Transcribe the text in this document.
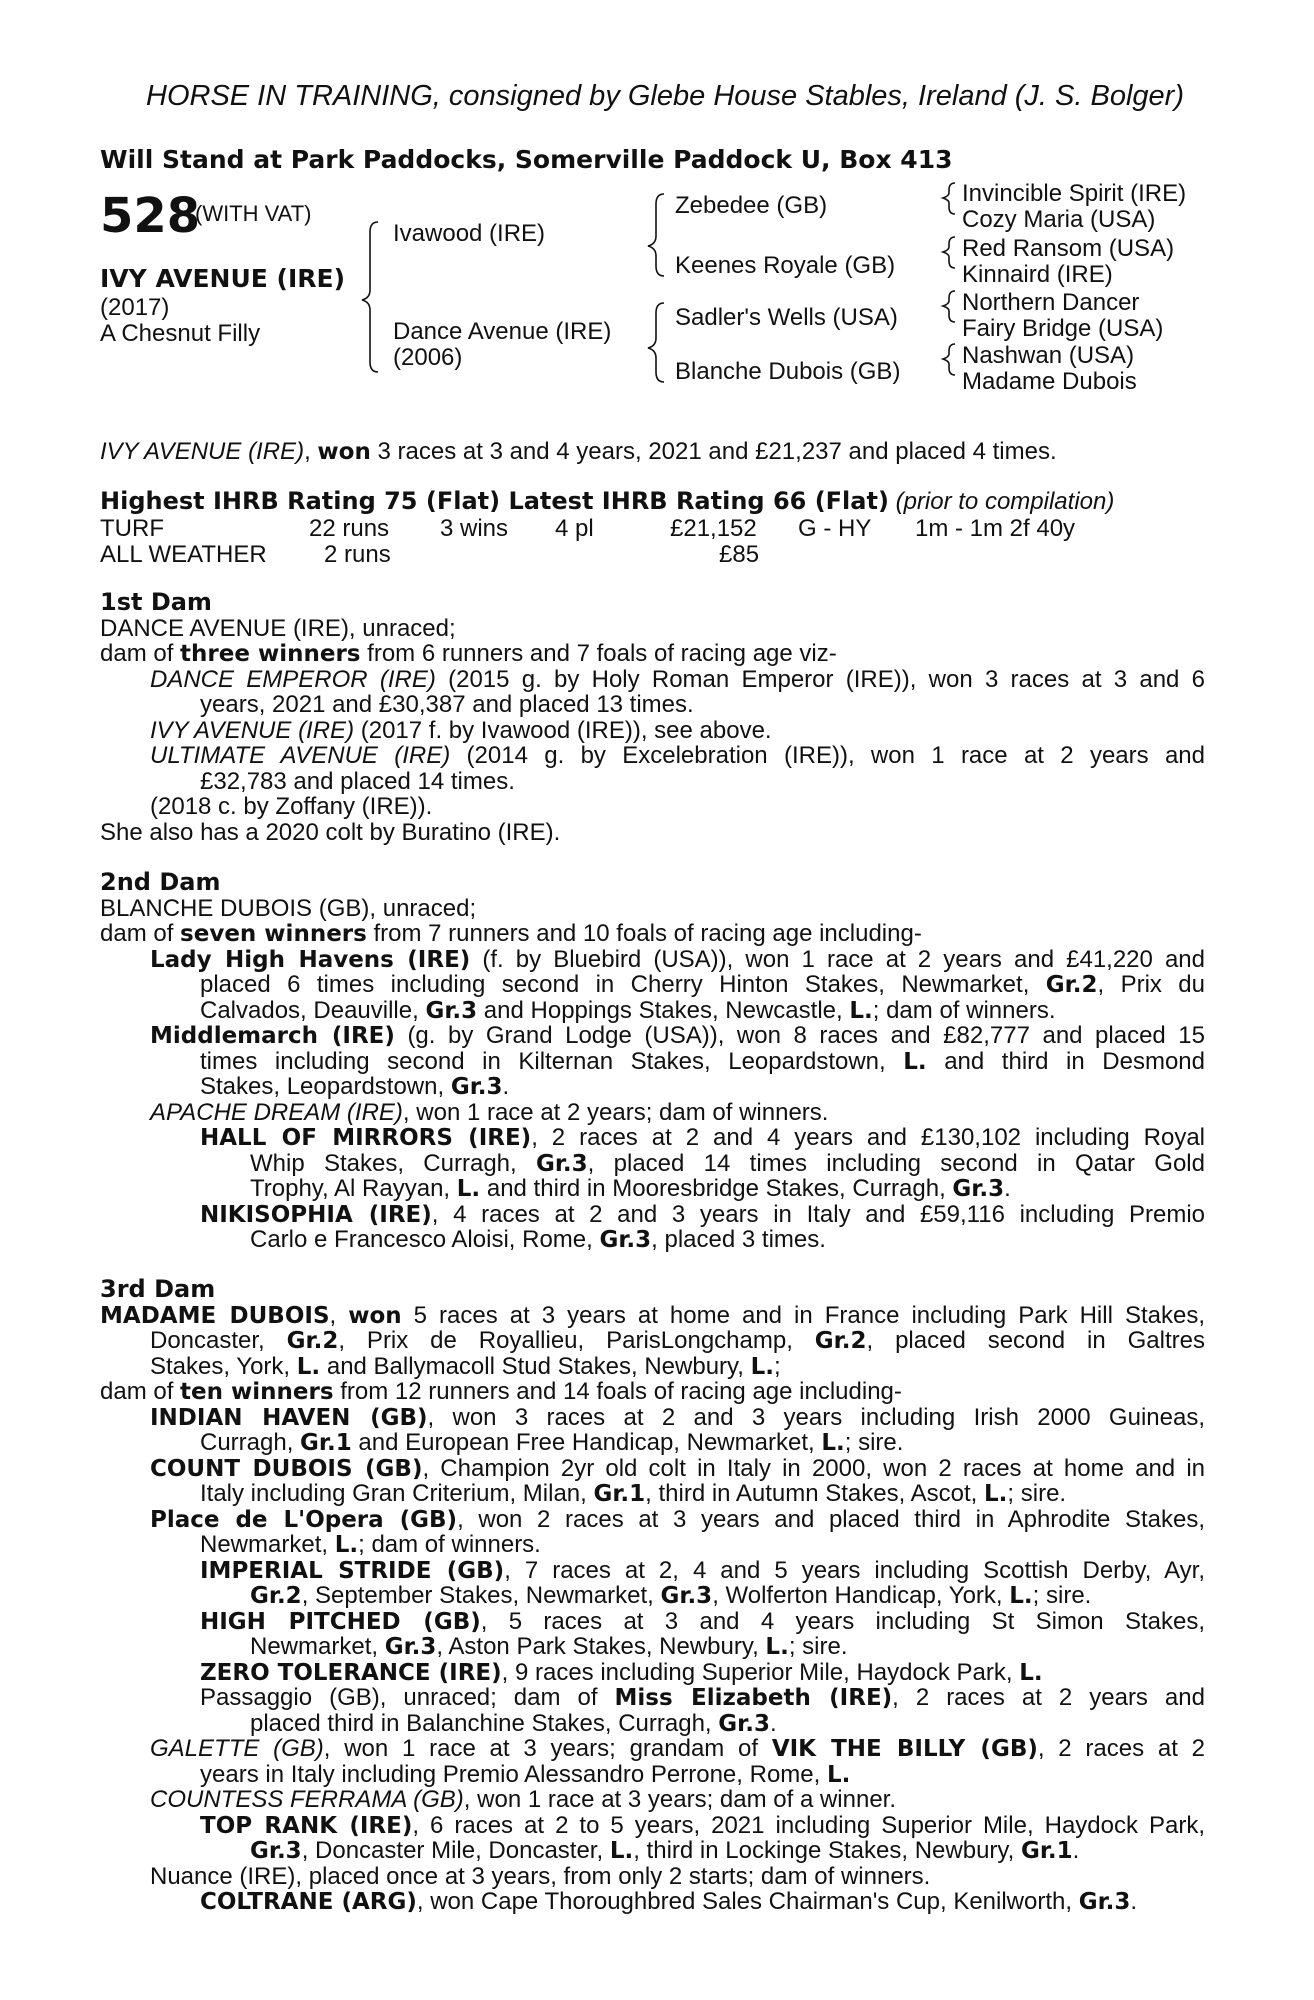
HORSE IN TRAINING, consigned by Glebe House Stables, Ireland (J. S. Bolger)
Will Stand at Park Paddocks, Somerville Paddock U, Box 413
528
(WITH VAT)
IVY AVENUE (IRE)
(2017)
A Chesnut Filly
Ivawood (IRE)
Dance Avenue (IRE)
(2006)
Zebedee (GB)
Keenes Royale (GB)
Sadler's Wells (USA)
Blanche Dubois (GB)
Invincible Spirit (IRE)
Cozy Maria (USA)
Red Ransom (USA)
Kinnaird (IRE)
Northern Dancer
Fairy Bridge (USA)
Nashwan (USA)
Madame Dubois
IVY AVENUE (IRE), won 3 races at 3 and 4 years, 2021 and £21,237 and placed 4 times.
Highest IHRB Rating 75 (Flat) Latest IHRB Rating 66 (Flat) (prior to compilation)
TURF	22 runs 3 wins 4 pl	£21,152 G - HY 1m - 1m 2f 40y
ALL WEATHER 2 runs	£85
1st Dam
DANCE AVENUE (IRE), unraced;
dam of three winners from 6 runners and 7 foals of racing age viz-
DANCE EMPEROR (IRE) (2015 g. by Holy Roman Emperor (IRE)), won 3 races at 3 and 6
years, 2021 and £30,387 and placed 13 times.
IVY AVENUE (IRE) (2017 f. by Ivawood (IRE)), see above.
ULTIMATE AVENUE (IRE) (2014 g. by Excelebration (IRE)), won 1 race at 2 years and
£32,783 and placed 14 times.
(2018 c. by Zoffany (IRE)).
She also has a 2020 colt by Buratino (IRE).
2nd Dam
BLANCHE DUBOIS (GB), unraced;
dam of seven winners from 7 runners and 10 foals of racing age including-
Lady High Havens (IRE) (f. by Bluebird (USA)), won 1 race at 2 years and £41,220 and
placed 6 times including second in Cherry Hinton Stakes, Newmarket, Gr.2, Prix du
Calvados, Deauville, Gr.3 and Hoppings Stakes, Newcastle, L.; dam of winners.
Middlemarch (IRE) (g. by Grand Lodge (USA)), won 8 races and £82,777 and placed 15
times including second in Kilternan Stakes, Leopardstown, L. and third in Desmond
Stakes, Leopardstown, Gr.3.
APACHE DREAM (IRE), won 1 race at 2 years; dam of winners.
HALL OF MIRRORS (IRE), 2 races at 2 and 4 years and £130,102 including Royal
Whip Stakes, Curragh, Gr.3, placed 14 times including second in Qatar Gold
Trophy, Al Rayyan, L. and third in Mooresbridge Stakes, Curragh, Gr.3.
NIKISOPHIA (IRE), 4 races at 2 and 3 years in Italy and £59,116 including Premio
Carlo e Francesco Aloisi, Rome, Gr.3, placed 3 times.
3rd Dam
MADAME DUBOIS, won 5 races at 3 years at home and in France including Park Hill Stakes,
Doncaster, Gr.2, Prix de Royallieu, ParisLongchamp, Gr.2, placed second in Galtres
Stakes, York, L. and Ballymacoll Stud Stakes, Newbury, L.;
dam of ten winners from 12 runners and 14 foals of racing age including-
INDIAN HAVEN (GB), won 3 races at 2 and 3 years including Irish 2000 Guineas,
Curragh, Gr.1 and European Free Handicap, Newmarket, L.; sire.
COUNT DUBOIS (GB), Champion 2yr old colt in Italy in 2000, won 2 races at home and in
Italy including Gran Criterium, Milan, Gr.1, third in Autumn Stakes, Ascot, L.; sire.
Place de L'Opera (GB), won 2 races at 3 years and placed third in Aphrodite Stakes,
Newmarket, L.; dam of winners.
IMPERIAL STRIDE (GB), 7 races at 2, 4 and 5 years including Scottish Derby, Ayr,
Gr.2, September Stakes, Newmarket, Gr.3, Wolferton Handicap, York, L.; sire.
HIGH PITCHED (GB), 5 races at 3 and 4 years including St Simon Stakes,
Newmarket, Gr.3, Aston Park Stakes, Newbury, L.; sire.
ZERO TOLERANCE (IRE), 9 races including Superior Mile, Haydock Park, L.
Passaggio (GB), unraced; dam of Miss Elizabeth (IRE), 2 races at 2 years and
placed third in Balanchine Stakes, Curragh, Gr.3.
GALETTE (GB), won 1 race at 3 years; grandam of VIK THE BILLY (GB), 2 races at 2
years in Italy including Premio Alessandro Perrone, Rome, L.
COUNTESS FERRAMA (GB), won 1 race at 3 years; dam of a winner.
TOP RANK (IRE), 6 races at 2 to 5 years, 2021 including Superior Mile, Haydock Park,
Gr.3, Doncaster Mile, Doncaster, L., third in Lockinge Stakes, Newbury, Gr.1.
Nuance (IRE), placed once at 3 years, from only 2 starts; dam of winners.
COLTRANE (ARG), won Cape Thoroughbred Sales Chairman's Cup, Kenilworth, Gr.3.
